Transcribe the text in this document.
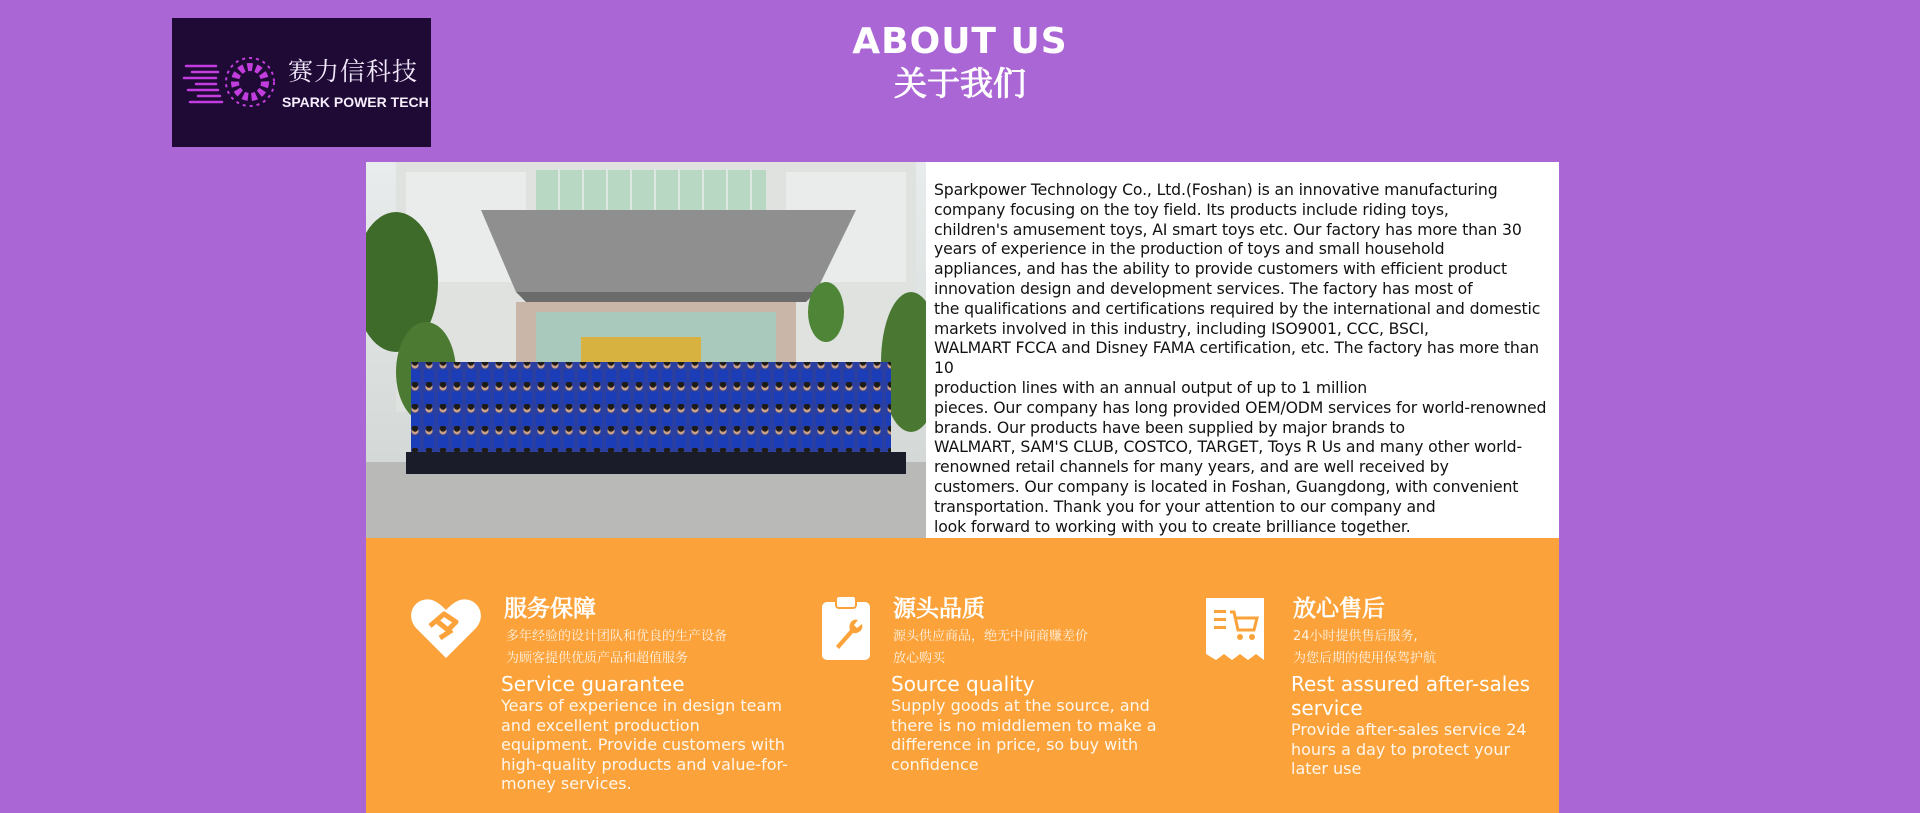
赛力信科技
SPARK POWER TECH
ABOUT US
关于我们
Sparkpower Technology Co., Ltd.(Foshan) is an innovative manufacturing
company focusing on the toy field. Its products include riding toys,
children's amusement toys, AI smart toys etc. Our factory has more than 30
years of experience in the production of toys and small household
appliances, and has the ability to provide customers with efficient product
innovation design and development services. The factory has most of
the qualifications and certifications required by the international and domestic
markets involved in this industry, including ISO9001, CCC, BSCI,
WALMART FCCA and Disney FAMA certification, etc. The factory has more than 10
production lines with an annual output of up to 1 million
pieces. Our company has long provided OEM/ODM services for world-renowned
brands. Our products have been supplied by major brands to
WALMART, SAM'S CLUB, COSTCO, TARGET, Toys R Us and many other world-
renowned retail channels for many years, and are well received by
customers. Our company is located in Foshan, Guangdong, with convenient
transportation. Thank you for your attention to our company and
look forward to working with you to create brilliance together.
服务保障
多年经验的设计团队和优良的生产设备
为顾客提供优质产品和超值服务
Service guarantee
Years of experience in design team and excellent production equipment. Provide customers with high-quality products and value-for-money services.
源头品质
源头供应商品，绝无中间商赚差价
放心购买
Source quality
Supply goods at the source, and there is no middlemen to make a difference in price, so buy with confidence
放心售后
24小时提供售后服务,
为您后期的使用保驾护航
Rest assured after-sales service
Provide after-sales service 24 hours a day to protect your later use
